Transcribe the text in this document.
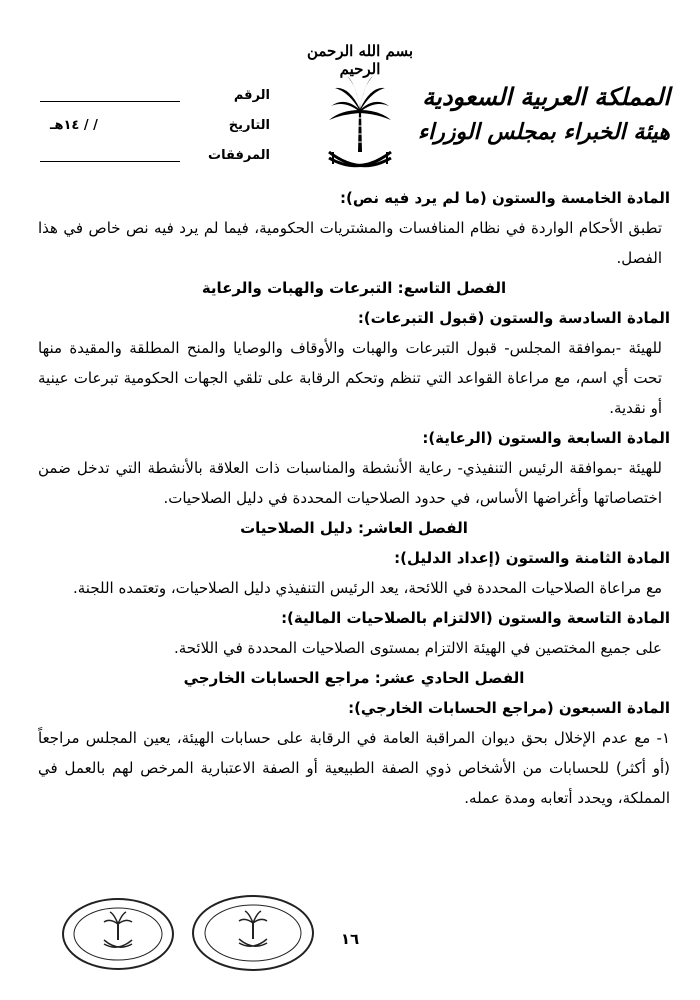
بسم الله الرحمن الرحيم
المملكة العربية السعودية
هيئة الخبراء بمجلس الوزراء
الرقم
التاريخ
/ / ١٤هـ
المرفقات

المادة الخامسة والستون (ما لم يرد فيه نص):

تطبق الأحكام الواردة في نظام المنافسات والمشتريات الحكومية، فيما لم يرد فيه نص خاص في هذا الفصل.

الفصل التاسع: التبرعات والهبات والرعاية

المادة السادسة والستون (قبول التبرعات):

للهيئة -بموافقة المجلس- قبول التبرعات والهبات والأوقاف والوصايا والمنح المطلقة والمقيدة منها تحت أي اسم، مع مراعاة القواعد التي تنظم وتحكم الرقابة على تلقي الجهات الحكومية تبرعات عينية أو نقدية.

المادة السابعة والستون (الرعاية):

للهيئة -بموافقة الرئيس التنفيذي- رعاية الأنشطة والمناسبات ذات العلاقة بالأنشطة التي تدخل ضمن اختصاصاتها وأغراضها الأساس، في حدود الصلاحيات المحددة في دليل الصلاحيات.

الفصل العاشر: دليل الصلاحيات

المادة الثامنة والستون (إعداد الدليل):

مع مراعاة الصلاحيات المحددة في اللائحة، يعد الرئيس التنفيذي دليل الصلاحيات، وتعتمده اللجنة.

المادة التاسعة والستون (الالتزام بالصلاحيات المالية):

على جميع المختصين في الهيئة الالتزام بمستوى الصلاحيات المحددة في اللائحة.

الفصل الحادي عشر: مراجع الحسابات الخارجي

المادة السبعون (مراجع الحسابات الخارجي):

١- مع عدم الإخلال بحق ديوان المراقبة العامة في الرقابة على حسابات الهيئة، يعين المجلس مراجعاً (أو أكثر) للحسابات من الأشخاص ذوي الصفة الطبيعية أو الصفة الاعتبارية المرخص لهم بالعمل في المملكة، ويحدد أتعابه ومدة عمله.

١٦
